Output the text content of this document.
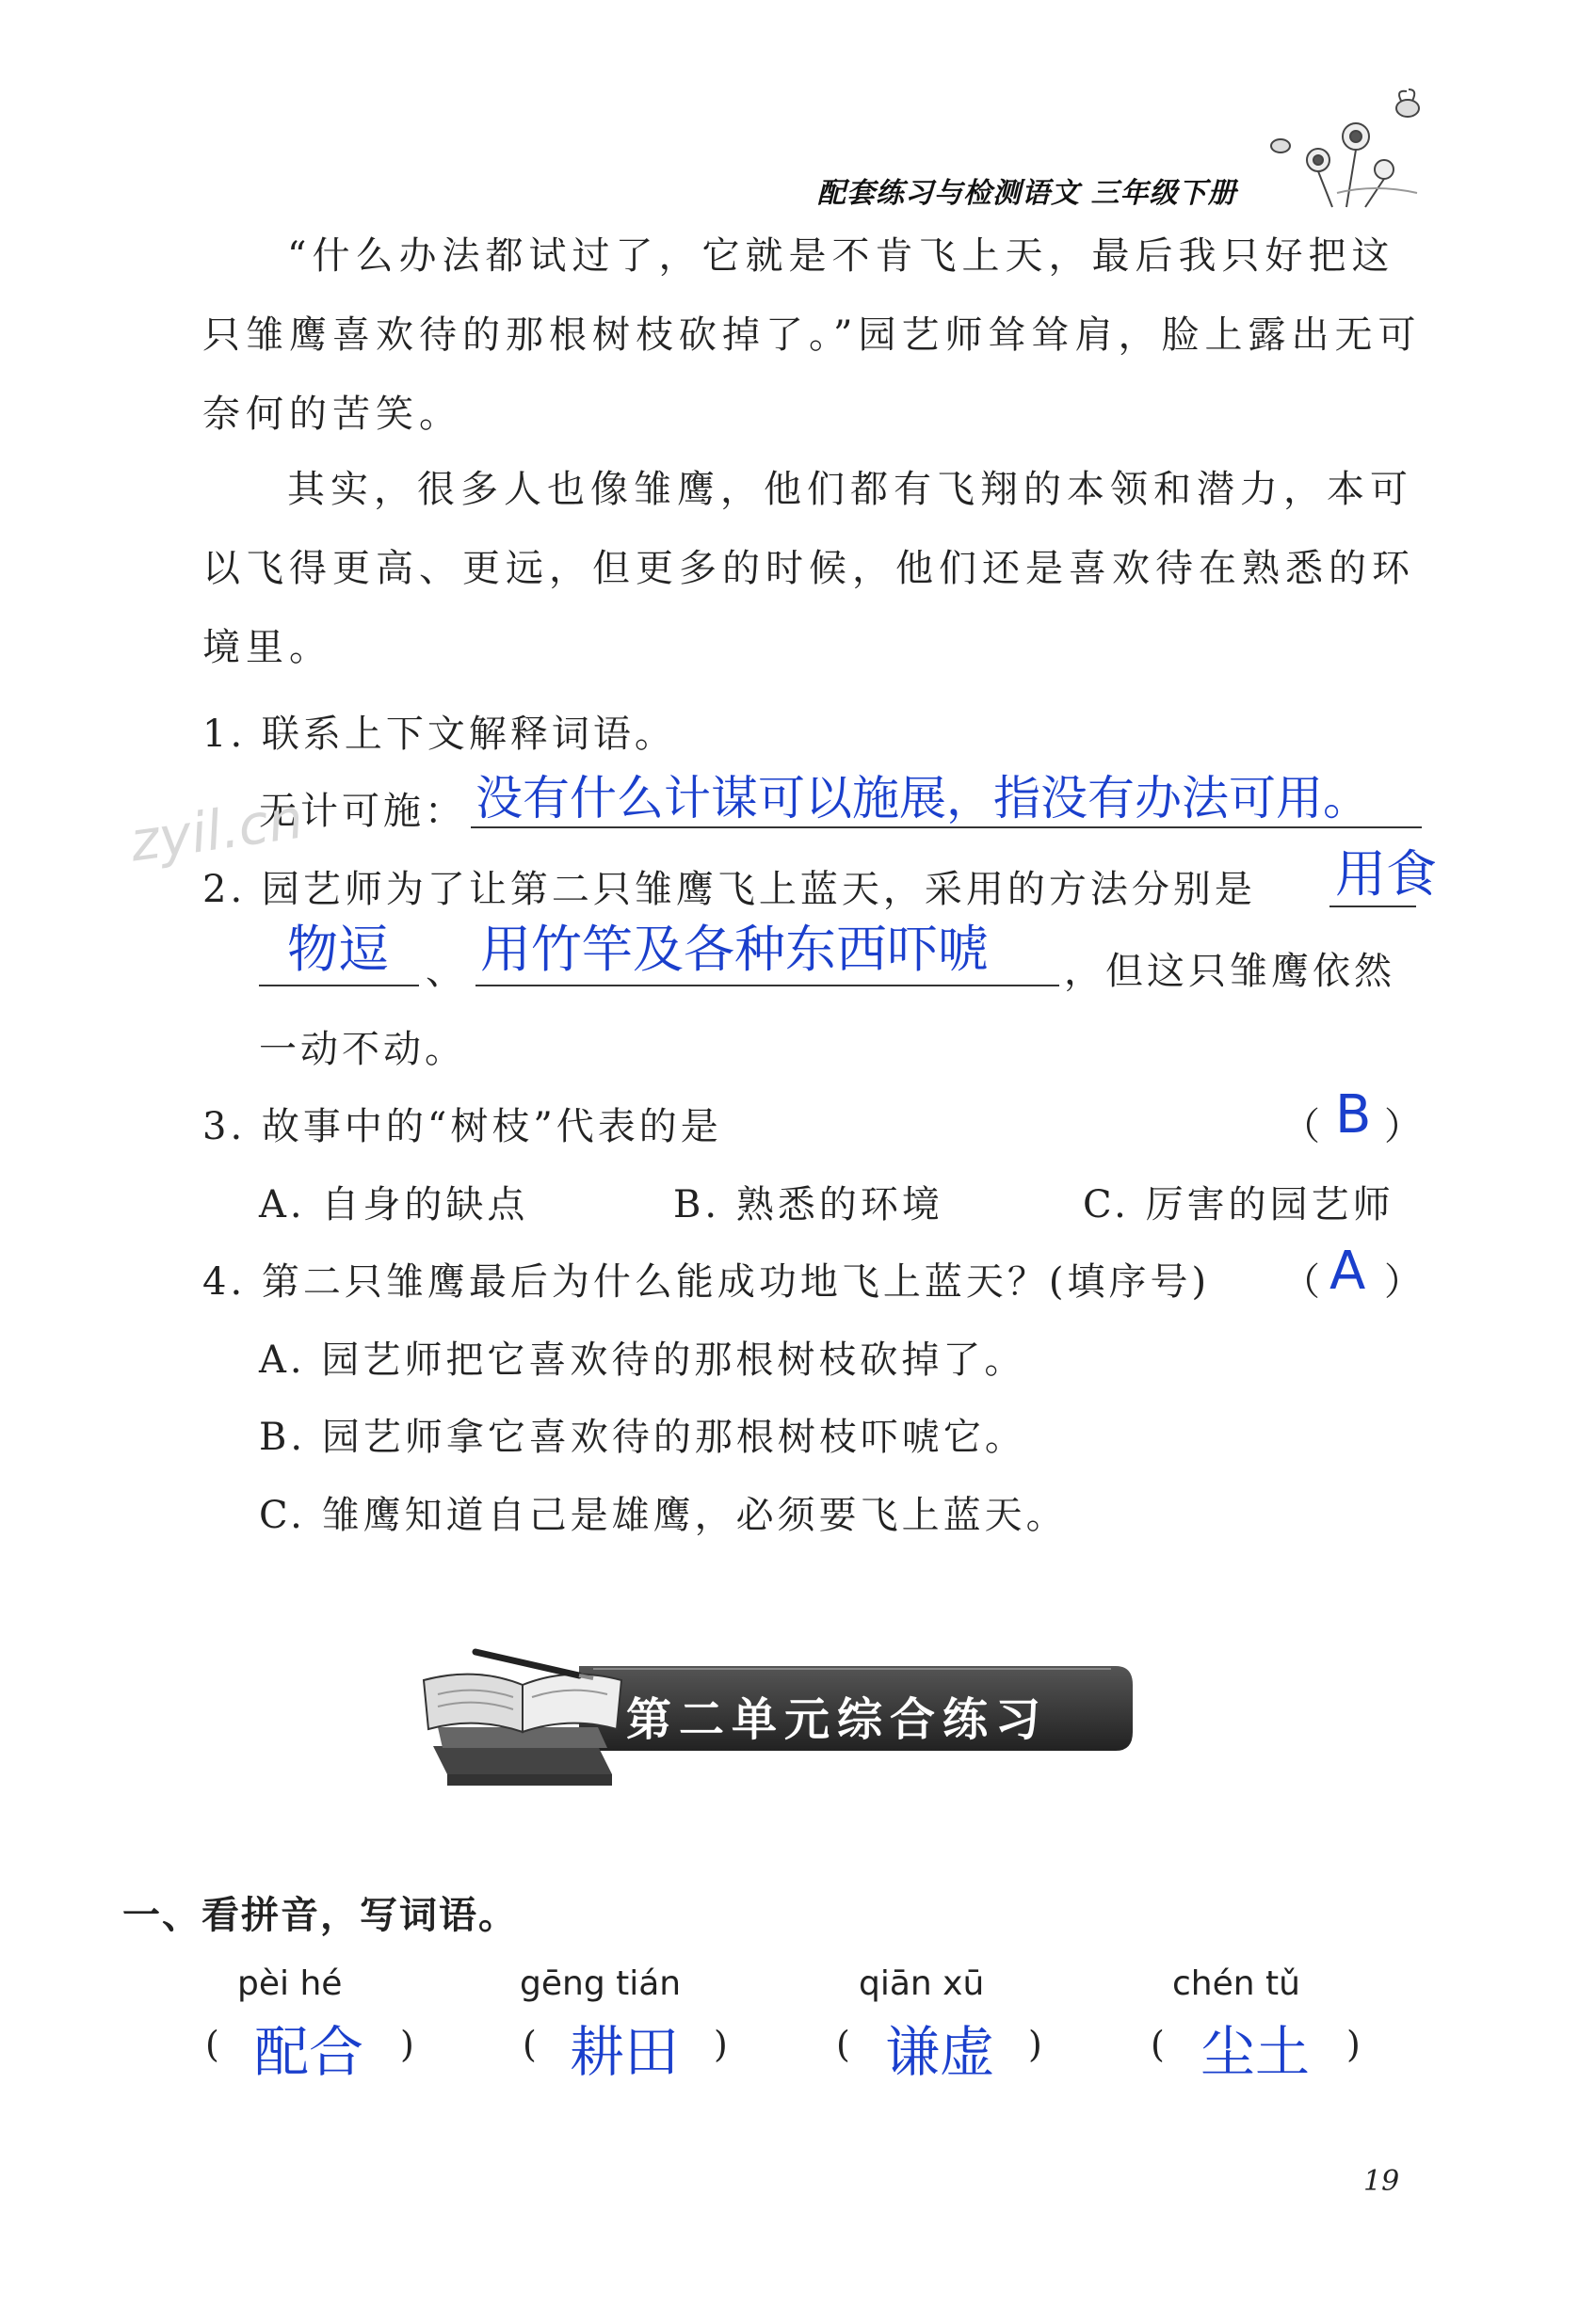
配套练习与检测语文 三年级下册
“什么办法都试过了，它就是不肯飞上天，最后我只好把这只雏鹰喜欢待的那根树枝砍掉了。”园艺师耸耸肩，脸上露出无可奈何的苦笑。
其实，很多人也像雏鹰，他们都有飞翔的本领和潜力，本可以飞得更高、更远，但更多的时候，他们还是喜欢待在熟悉的环境里。
1. 联系上下文解释词语。
无计可施： 没有什么计谋可以施展，指没有办法可用。
zyil.cn
2. 园艺师为了让第二只雏鹰飞上蓝天，采用的方法分别是 用食
物逗 、 用竹竿及各种东西吓唬 ，但这只雏鹰依然
一动不动。
3. 故事中的“树枝”代表的是	（ B ）
A. 自身的缺点	B. 熟悉的环境	C. 厉害的园艺师
4. 第二只雏鹰最后为什么能成功地飞上蓝天？(填序号) （ A ）
A. 园艺师把它喜欢待的那根树枝砍掉了。
B. 园艺师拿它喜欢待的那根树枝吓唬它。
C. 雏鹰知道自己是雄鹰，必须要飞上蓝天。
第二单元综合练习
一、看拼音，写词语。
pèi hé	gēng tián	qiān xū	chén tǔ
( 配合 )	( 耕田 )	( 谦虚 )	( 尘土 )
19
